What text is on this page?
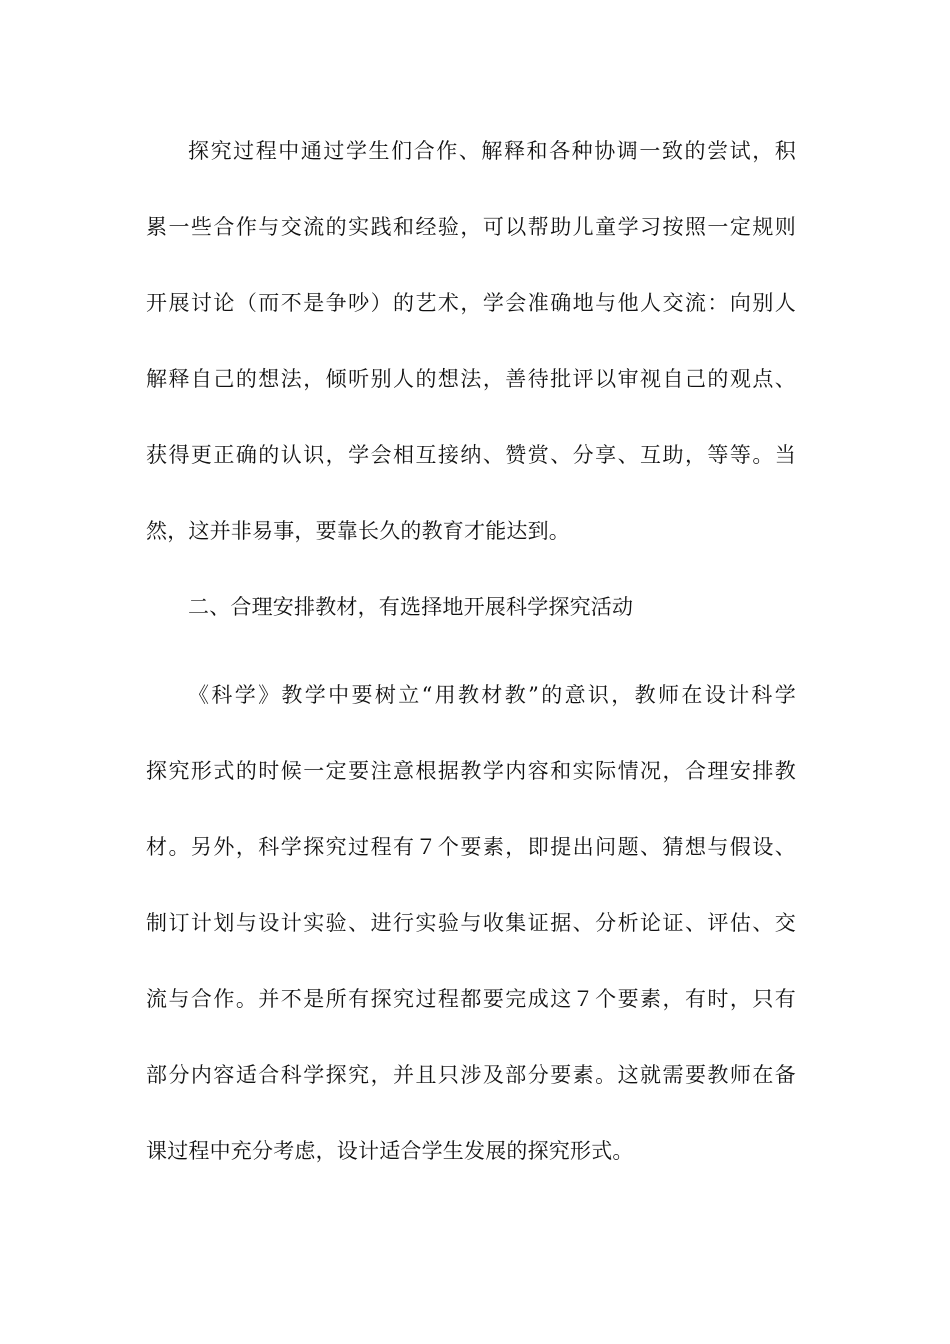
探究过程中通过学生们合作、解释和各种协调一致的尝试，积
累一些合作与交流的实践和经验，可以帮助儿童学习按照一定规则
开展讨论（而不是争吵）的艺术，学会准确地与他人交流：向别人
解释自己的想法，倾听别人的想法，善待批评以审视自己的观点、
获得更正确的认识，学会相互接纳、赞赏、分享、互助，等等。当
然，这并非易事，要靠长久的教育才能达到。
二、合理安排教材，有选择地开展科学探究活动
《科学》教学中要树立“用教材教”的意识，教师在设计科学
探究形式的时候一定要注意根据教学内容和实际情况，合理安排教
材。另外，科学探究过程有７个要素，即提出问题、猜想与假设、
制订计划与设计实验、进行实验与收集证据、分析论证、评估、交
流与合作。并不是所有探究过程都要完成这７个要素，有时，只有
部分内容适合科学探究，并且只涉及部分要素。这就需要教师在备
课过程中充分考虑，设计适合学生发展的探究形式。
